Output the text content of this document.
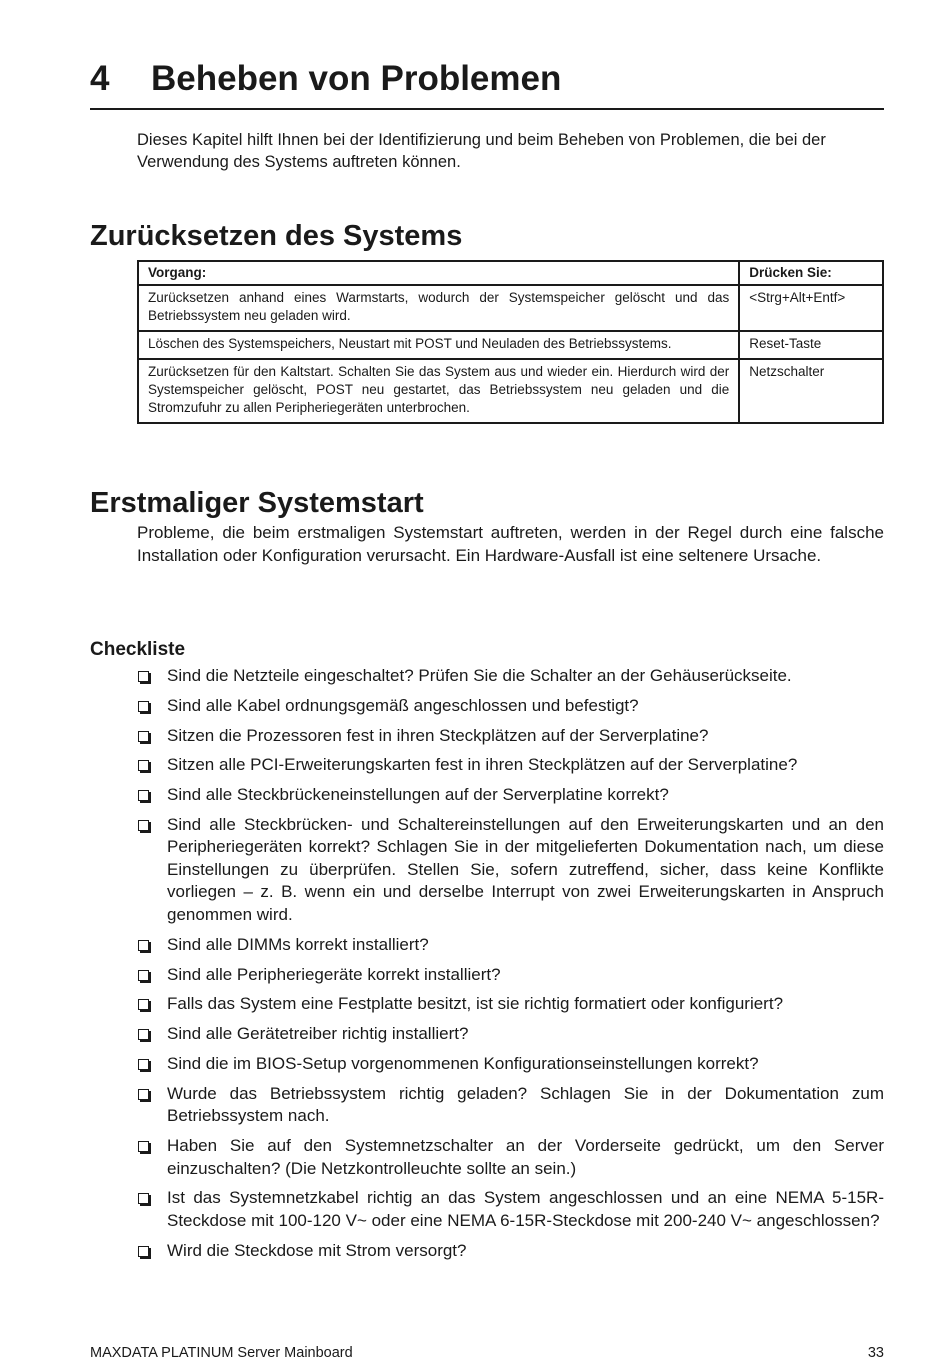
4 Beheben von Problemen
Dieses Kapitel hilft Ihnen bei der Identifizierung und beim Beheben von Problemen, die bei der Verwendung des Systems auftreten können.
Zurücksetzen des Systems
Vorgang:	Drücken Sie:
Zurücksetzen anhand eines Warmstarts, wodurch der Systemspeicher gelöscht und das Betriebssystem neu geladen wird.	<Strg+Alt+Entf>
Löschen des Systemspeichers, Neustart mit POST und Neuladen des Betriebssystems.	Reset-Taste
Zurücksetzen für den Kaltstart. Schalten Sie das System aus und wieder ein. Hierdurch wird der Systemspeicher gelöscht, POST neu gestartet, das Betriebssystem neu geladen und die Stromzufuhr zu allen Peripheriegeräten unterbrochen.	Netzschalter
Erstmaliger Systemstart
Probleme, die beim erstmaligen Systemstart auftreten, werden in der Regel durch eine falsche Installation oder Konfiguration verursacht. Ein Hardware-Ausfall ist eine seltenere Ursache.
Checkliste
Sind die Netzteile eingeschaltet? Prüfen Sie die Schalter an der Gehäuserückseite.
Sind alle Kabel ordnungsgemäß angeschlossen und befestigt?
Sitzen die Prozessoren fest in ihren Steckplätzen auf der Serverplatine?
Sitzen alle PCI-Erweiterungskarten fest in ihren Steckplätzen auf der Serverplatine?
Sind alle Steckbrückeneinstellungen auf der Serverplatine korrekt?
Sind alle Steckbrücken- und Schaltereinstellungen auf den Erweiterungskarten und an den Peripheriegeräten korrekt? Schlagen Sie in der mitgelieferten Dokumentation nach, um diese Einstellungen zu überprüfen. Stellen Sie, sofern zutreffend, sicher, dass keine Konflikte vorliegen – z. B. wenn ein und derselbe Interrupt von zwei Erweiterungskarten in Anspruch genommen wird.
Sind alle DIMMs korrekt installiert?
Sind alle Peripheriegeräte korrekt installiert?
Falls das System eine Festplatte besitzt, ist sie richtig formatiert oder konfiguriert?
Sind alle Gerätetreiber richtig installiert?
Sind die im BIOS-Setup vorgenommenen Konfigurationseinstellungen korrekt?
Wurde das Betriebssystem richtig geladen? Schlagen Sie in der Dokumentation zum Betriebssystem nach.
Haben Sie auf den Systemnetzschalter an der Vorderseite gedrückt, um den Server einzuschalten? (Die Netzkontrolleuchte sollte an sein.)
Ist das Systemnetzkabel richtig an das System angeschlossen und an eine NEMA 5-15R-Steckdose mit 100-120 V~ oder eine NEMA 6-15R-Steckdose mit 200-240 V~ angeschlossen?
Wird die Steckdose mit Strom versorgt?
MAXDATA PLATINUM Server Mainboard	33
